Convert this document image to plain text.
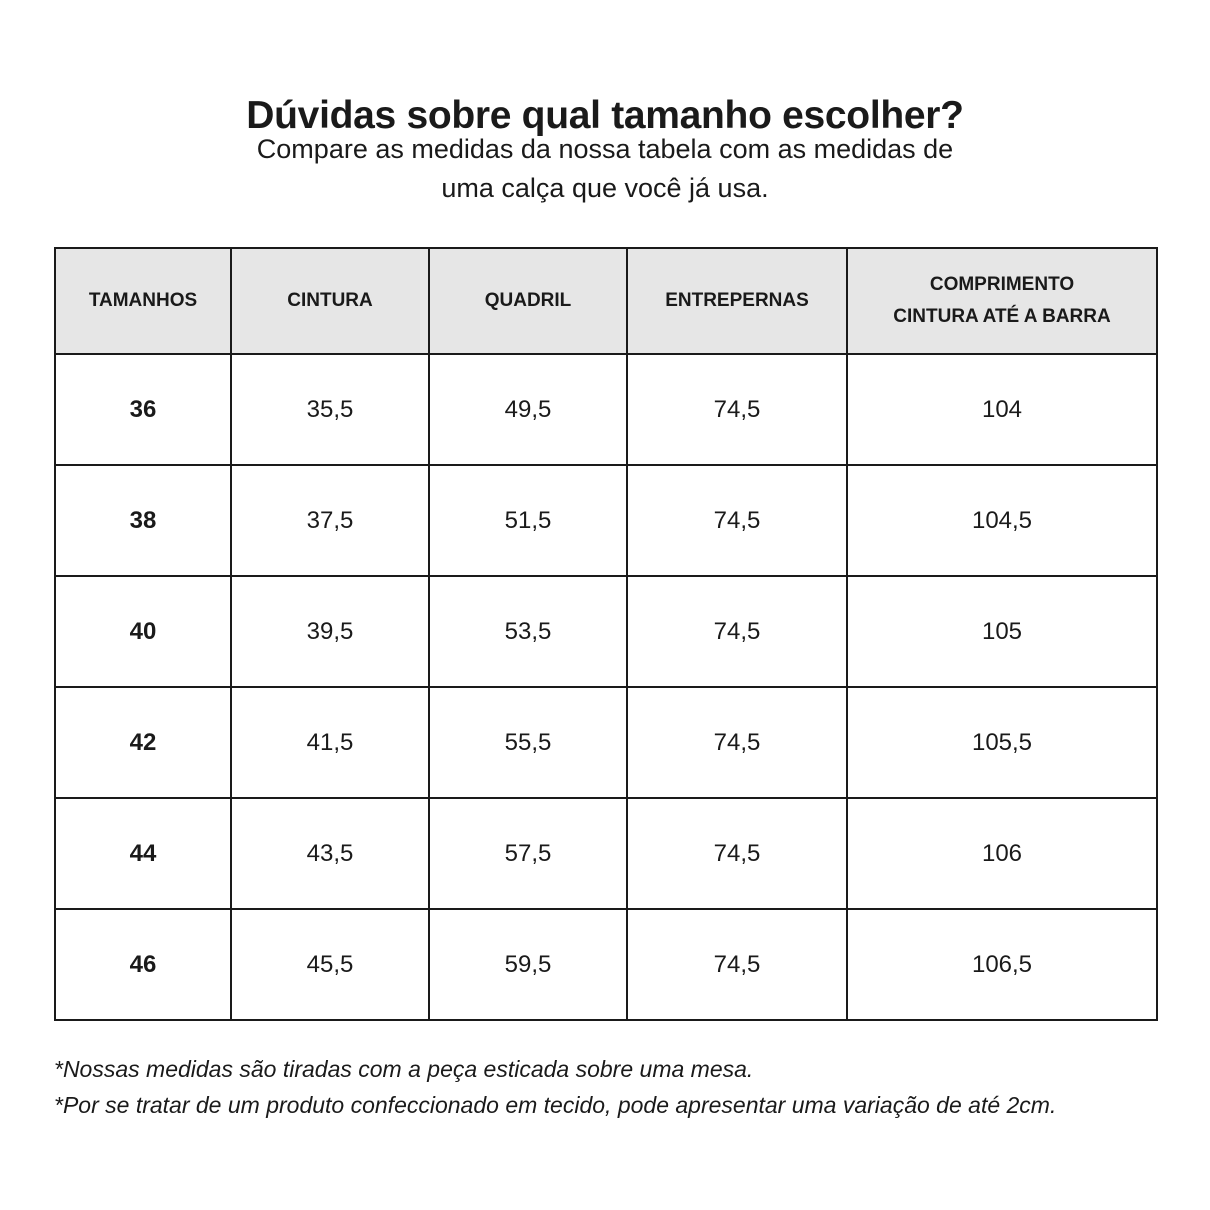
Dúvidas sobre qual tamanho escolher?
Compare as medidas da nossa tabela com as medidas de
uma calça que você já usa.
TAMANHOS	CINTURA	QUADRIL	ENTREPERNAS	COMPRIMENTO
CINTURA ATÉ A BARRA

36	35,5	49,5	74,5	104
38	37,5	51,5	74,5	104,5
40	39,5	53,5	74,5	105
42	41,5	55,5	74,5	105,5
44	43,5	57,5	74,5	106
46	45,5	59,5	74,5	106,5

*Nossas medidas são tiradas com a peça esticada sobre uma mesa.

*Por se tratar de um produto confeccionado em tecido, pode apresentar uma variação de até 2cm.
